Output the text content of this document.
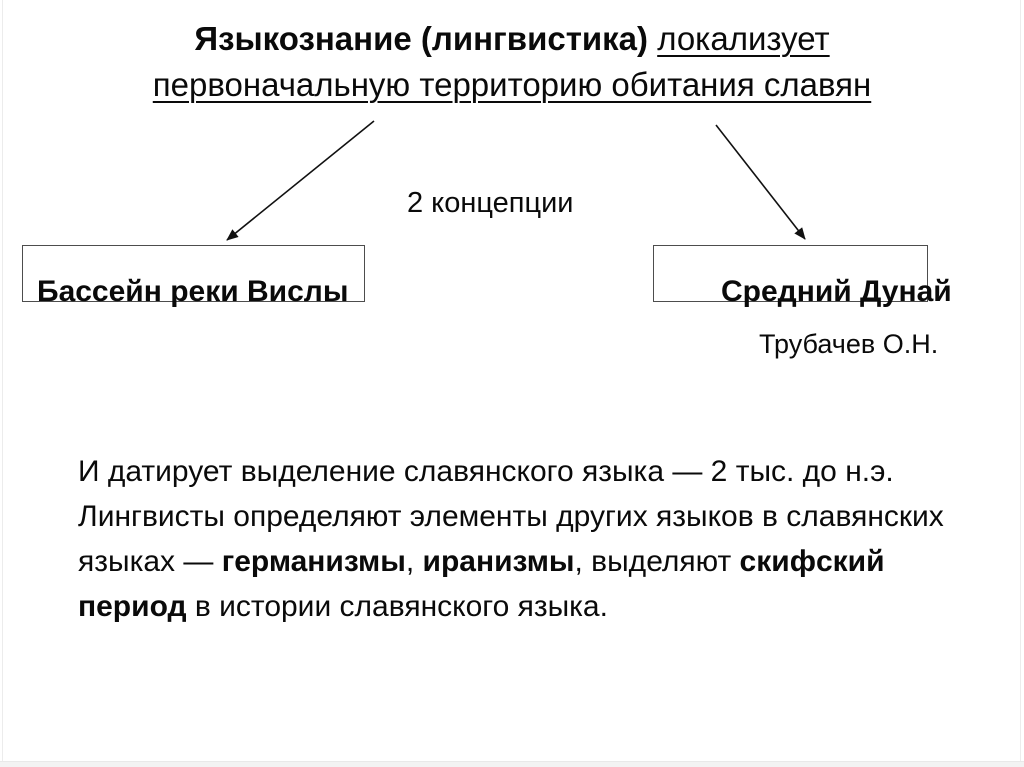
Языкознание (лингвистика) локализует
первоначальную территорию обитания славян
2 концепции
Бассейн реки Вислы	Средний Дунай
Трубачев О.Н.
И датирует выделение славянского языка — 2 тыс. до н.э. Лингвисты определяют элементы других языков в славянских языках — германизмы, иранизмы, выделяют скифский период в истории славянского языка.
